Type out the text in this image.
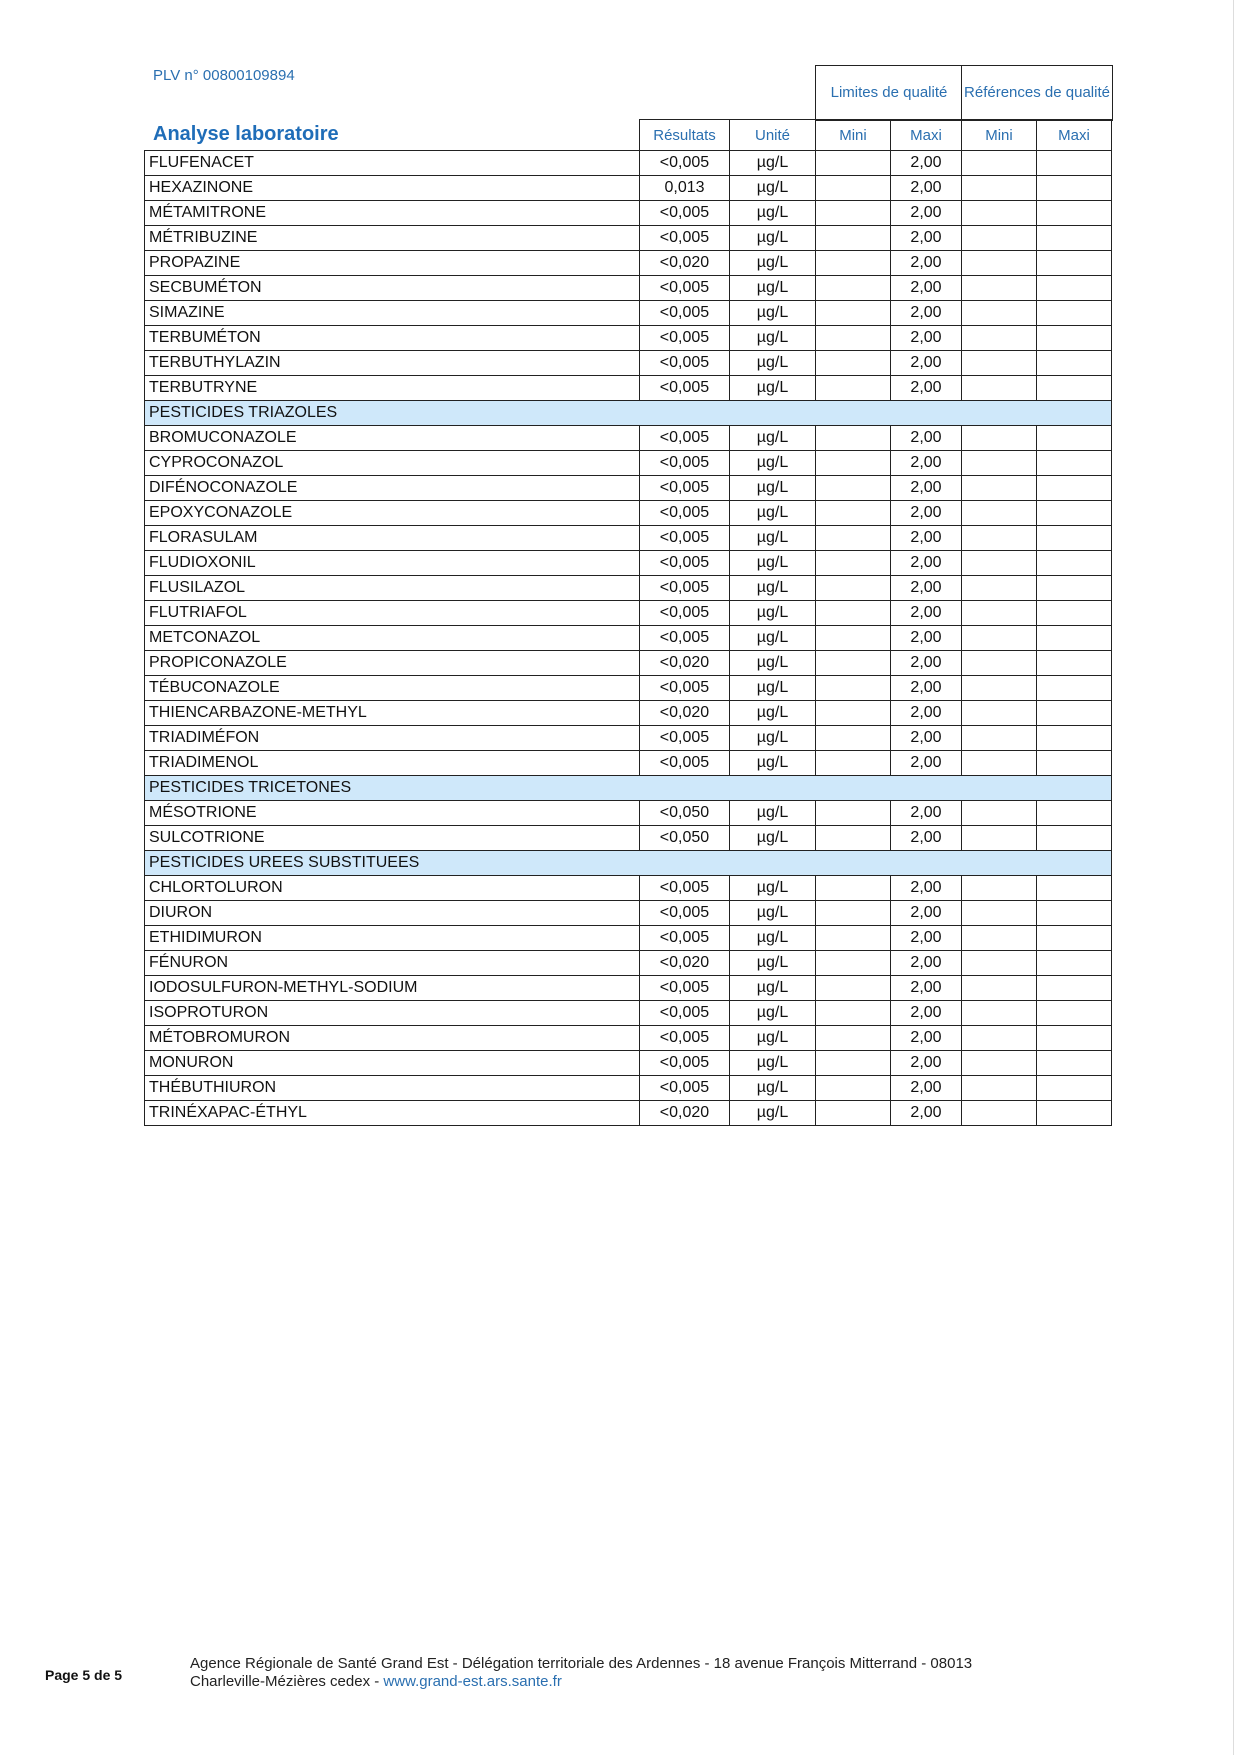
PLV n° 00800109894
Limites de qualité	Références de qualité
	Résultats	Unité	Mini	Maxi	Mini	Maxi
FLUFENACET	<0,005	µg/L		2,00		
HEXAZINONE	0,013	µg/L		2,00		
MÉTAMITRONE	<0,005	µg/L		2,00		
MÉTRIBUZINE	<0,005	µg/L		2,00		
PROPAZINE	<0,020	µg/L		2,00		
SECBUMÉTON	<0,005	µg/L		2,00		
SIMAZINE	<0,005	µg/L		2,00		
TERBUMÉTON	<0,005	µg/L		2,00		
TERBUTHYLAZIN	<0,005	µg/L		2,00		
TERBUTRYNE	<0,005	µg/L		2,00		
PESTICIDES TRIAZOLES						
BROMUCONAZOLE	<0,005	µg/L		2,00		
CYPROCONAZOL	<0,005	µg/L		2,00		
DIFÉNOCONAZOLE	<0,005	µg/L		2,00		
EPOXYCONAZOLE	<0,005	µg/L		2,00		
FLORASULAM	<0,005	µg/L		2,00		
FLUDIOXONIL	<0,005	µg/L		2,00		
FLUSILAZOL	<0,005	µg/L		2,00		
FLUTRIAFOL	<0,005	µg/L		2,00		
METCONAZOL	<0,005	µg/L		2,00		
PROPICONAZOLE	<0,020	µg/L		2,00		
TÉBUCONAZOLE	<0,005	µg/L		2,00		
THIENCARBAZONE-METHYL	<0,020	µg/L		2,00		
TRIADIMÉFON	<0,005	µg/L		2,00		
TRIADIMENOL	<0,005	µg/L		2,00		
PESTICIDES TRICETONES						
MÉSOTRIONE	<0,050	µg/L		2,00		
SULCOTRIONE	<0,050	µg/L		2,00		
PESTICIDES UREES SUBSTITUEES						
CHLORTOLURON	<0,005	µg/L		2,00		
DIURON	<0,005	µg/L		2,00		
ETHIDIMURON	<0,005	µg/L		2,00		
FÉNURON	<0,020	µg/L		2,00		
IODOSULFURON-METHYL-SODIUM	<0,005	µg/L		2,00		
ISOPROTURON	<0,005	µg/L		2,00		
MÉTOBROMURON	<0,005	µg/L		2,00		
MONURON	<0,005	µg/L		2,00		
THÉBUTHIURON	<0,005	µg/L		2,00		
TRINÉXAPAC-ÉTHYL	<0,020	µg/L		2,00		
Analyse laboratoire
Page 5 de 5
Agence Régionale de Santé Grand Est - Délégation territoriale des Ardennes - 18 avenue François Mitterrand - 08013
Charleville-Mézières cedex - www.grand-est.ars.sante.fr
